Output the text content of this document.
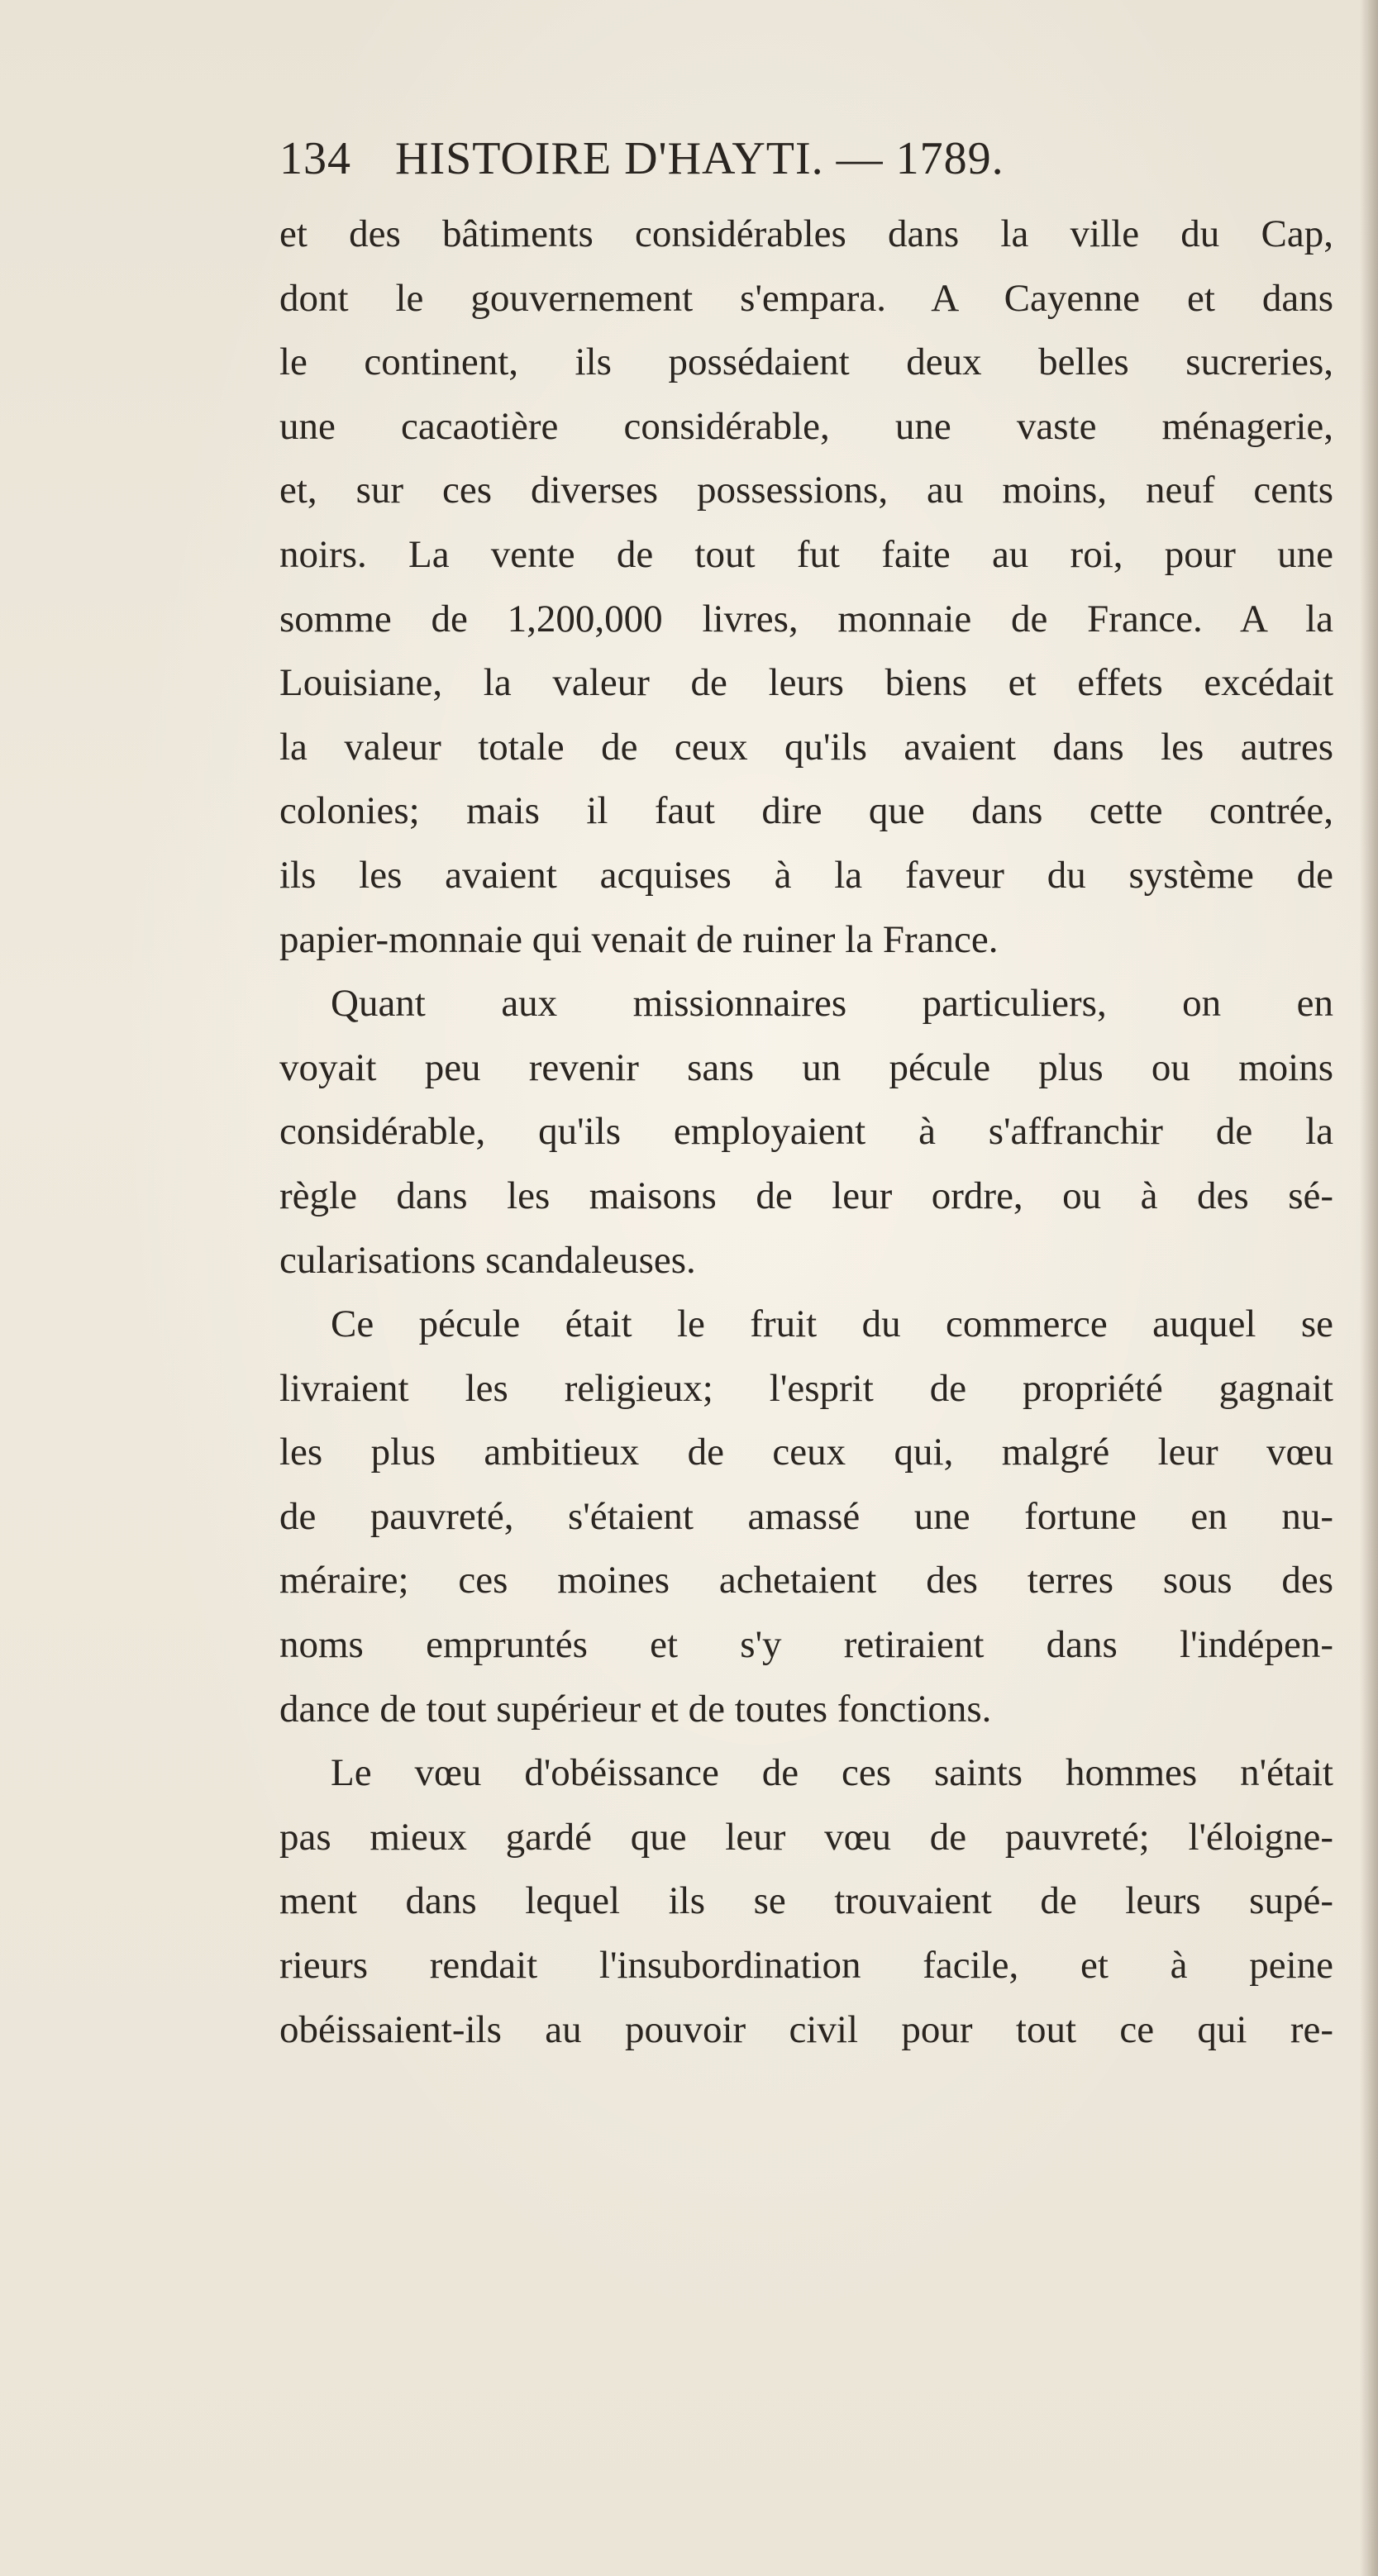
134 HISTOIRE D'HAYTI. — 1789.
et des bâtiments considérables dans la ville du Cap,
dont le gouvernement s'empara. A Cayenne et dans
le continent, ils possédaient deux belles sucreries,
une cacaotière considérable, une vaste ménagerie,
et, sur ces diverses possessions, au moins, neuf cents
noirs. La vente de tout fut faite au roi, pour une
somme de 1,200,000 livres, monnaie de France. A la
Louisiane, la valeur de leurs biens et effets excédait
la valeur totale de ceux qu'ils avaient dans les autres
colonies; mais il faut dire que dans cette contrée,
ils les avaient acquises à la faveur du système de
papier-monnaie qui venait de ruiner la France.
Quant aux missionnaires particuliers, on en
voyait peu revenir sans un pécule plus ou moins
considérable, qu'ils employaient à s'affranchir de la
règle dans les maisons de leur ordre, ou à des sé-
cularisations scandaleuses.
Ce pécule était le fruit du commerce auquel se
livraient les religieux; l'esprit de propriété gagnait
les plus ambitieux de ceux qui, malgré leur vœu
de pauvreté, s'étaient amassé une fortune en nu-
méraire; ces moines achetaient des terres sous des
noms empruntés et s'y retiraient dans l'indépen-
dance de tout supérieur et de toutes fonctions.
Le vœu d'obéissance de ces saints hommes n'était
pas mieux gardé que leur vœu de pauvreté; l'éloigne-
ment dans lequel ils se trouvaient de leurs supé-
rieurs rendait l'insubordination facile, et à peine
obéissaient-ils au pouvoir civil pour tout ce qui re-
